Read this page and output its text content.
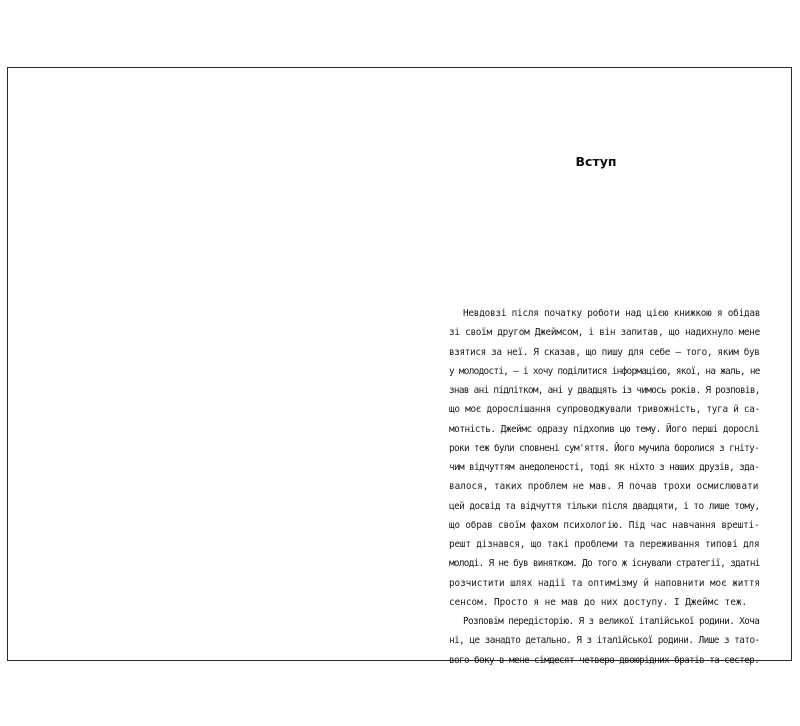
Вступ
Невдовзі після початку роботи над цією книжкою я обідав
зі своїм другом Джеймсом, і він запитав, що надихнуло мене
взятися за неї. Я сказав, що пишу для себе — того, яким був
у молодості, — і хочу поділитися інформацією, якої, на жаль, не
знав ані підлітком, ані у двадцять із чимось років. Я розповів,
що моє дорослішання супроводжували тривожність, туга й са-
мотність. Джеймс одразу підхопив цю тему. Його перші дорослі
роки теж були сповнені сум'яття. Його мучила боролися з гніту-
чим відчуттям анедоленості, тоді як ніхто з наших друзів, зда-
валося, таких проблем не мав. Я почав трохи осмислювати
цей досвід та відчуття тільки після двадцяти, і то лише тому,
що обрав своїм фахом психологію. Під час навчання врешті-
решт дізнався, що такі проблеми та переживання типові для
молоді. Я не був винятком. До того ж існували стратегії, здатні
розчистити шлях надії та оптимізму й наповнити моє життя
сенсом. Просто я не мав до них доступу. І Джеймс теж.
Розповім передісторію. Я з великої італійської родини. Хоча
ні, це занадто детально. Я з італійської родини. Лише з тато-
вого боку в мене сімдесят четверо двоюрідних братів та сестер.
